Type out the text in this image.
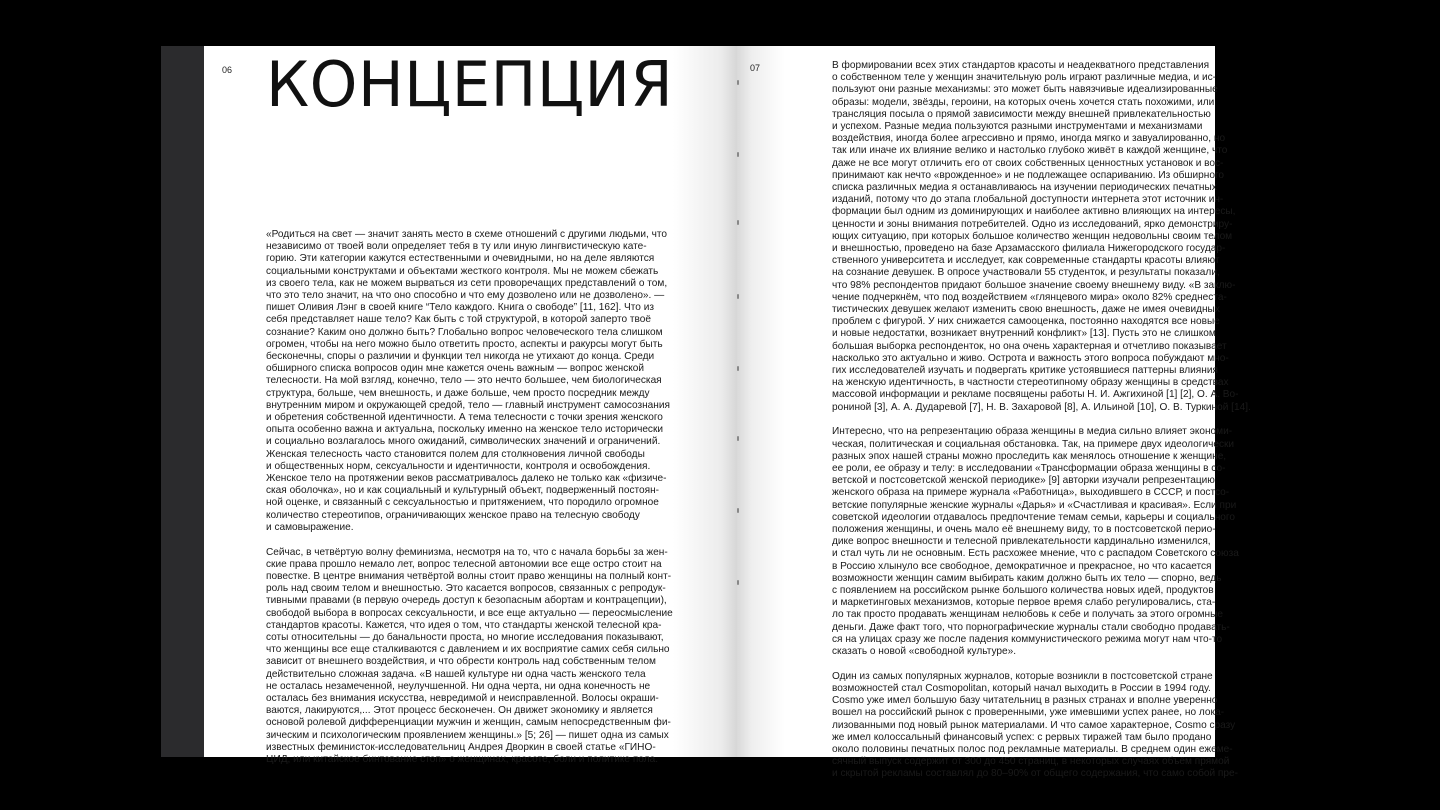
06 КОНЦЕПЦИЯ	07

«Родиться на свет — значит занять место в схеме отношений с другими людьми, что
независимо от твоей воли определяет тебя в ту или иную лингвистическую кате-
горию. Эти категории кажутся естественными и очевидными, но на деле являются
социальными конструктами и объектами жесткого контроля. Мы не можем сбежать
из своего тела, как не можем вырваться из сети проворечащих представлений о том,
что это тело значит, на что оно способно и что ему дозволено или не дозволено». —
пишет Оливия Лэнг в своей книге “Тело каждого. Книга о свободе” [11, 162]. Что из
себя представляет наше тело? Как быть с той структурой, в которой заперто твоё
сознание? Каким оно должно быть? Глобально вопрос человеческого тела слишком
огромен, чтобы на него можно было ответить просто, аспекты и ракурсы могут быть
бесконечны, споры о различии и функции тел никогда не утихают до конца. Среди
обширного списка вопросов один мне кажется очень важным — вопрос женской
телесности. На мой взгляд, конечно, тело — это нечто большее, чем биологическая
структура, больше, чем внешность, и даже больше, чем просто посредник между
внутренним миром и окружающей средой, тело — главный инструмент самосознания
и обретения собственной идентичности. А тема телесности с точки зрения женского
опыта особенно важна и актуальна, поскольку именно на женское тело исторически
и социально возлагалось много ожиданий, символических значений и ограничений.
Женская телесность часто становится полем для столкновения личной свободы
и общественных норм, сексуальности и идентичности, контроля и освобождения.
Женское тело на протяжении веков рассматривалось далеко не только как «физиче-
ская оболочка», но и как социальный и культурный объект, подверженный постоян-
ной оценке, и связанный с сексуальностью и притяжением, что породило огромное
количество стереотипов, ограничивающих женское право на телесную свободу
и самовыражение.

Сейчас, в четвёртую волну феминизма, несмотря на то, что с начала борьбы за жен-
ские права прошло немало лет, вопрос телесной автономии все еще остро стоит на
повестке. В центре внимания четвёртой волны стоит право женщины на полный конт-
роль над своим телом и внешностью. Это касается вопросов, связанных с репродук-
тивными правами (в первую очередь доступ к безопасным абортам и контрацепции),
свободой выбора в вопросах сексуальности, и все еще актуально — переосмысление
стандартов красоты. Кажется, что идея о том, что стандарты женской телесной кра-
соты относительны — до банальности проста, но многие исследования показывают,
что женщины все еще сталкиваются с давлением и их восприятие самих себя сильно
зависит от внешнего воздействия, и что обрести контроль над собственным телом
действительно сложная задача. «В нашей культуре ни одна часть женского тела
не осталась незамеченной, неулучшенной. Ни одна черта, ни одна конечность не
осталась без внимания искусства, невредимой и неисправленной. Волосы окраши-
ваются, лакируются,... Этот процесс бесконечен. Он движет экономику и является
основой ролевой дифференциации мужчин и женщин, самым непосредственным фи-
зическим и психологическим проявлением женщины.» [5; 26] — пишет одна из самых
известных феминисток-исследовательниц Андрея Дворкин в своей статье «ГИНО-
ЦИД, или китайское бинтование стоп» о женщинах, красоте, боли и политике пола.

В формировании всех этих стандартов красоты и неадекватного представления
о собственном теле у женщин значительную роль играют различные медиа, и ис-
пользуют они разные механизмы: это может быть навязчивые идеализированные
образы: модели, звёзды, героини, на которых очень хочется стать похожими, или
трансляция посыла о прямой зависимости между внешней привлекательностью
и успехом. Разные медиа пользуются разными инструментами и механизмами
воздействия, иногда более агрессивно и прямо, иногда мягко и завуалированно, но
так или иначе их влияние велико и настолько глубоко живёт в каждой женщине, что
даже не все могут отличить его от своих собственных ценностных установок и вос-
принимают как нечто «врожденное» и не подлежащее оспариванию. Из обширного
списка различных медиа я останавливаюсь на изучении периодических печатных
изданий, потому что до этапа глобальной доступности интернета этот источник ин-
формации был одним из доминирующих и наиболее активно влияющих на интересы,
ценности и зоны внимания потребителей. Одно из исследований, ярко демонстриру-
ющих ситуацию, при которых большое количество женщин недовольны своим телом
и внешностью, проведено на базе Арзамасского филиала Нижегородского государ-
ственного университета и исследует, как современные стандарты красоты влияют
на сознание девушек. В опросе участвовали 55 студенток, и результаты показали,
что 98% респондентов придают большое значение своему внешнему виду. «В заклю-
чение подчеркнём, что под воздействием «глянцевого мира» около 82% среднеста-
тистических девушек желают изменить свою внешность, даже не имея очевидных
проблем с фигурой. У них снижается самооценка, постоянно находятся все новые
и новые недостатки, возникает внутренний конфликт» [13]. Пусть это не слишком
большая выборка респонденток, но она очень характерная и отчетливо показывает
насколько это актуально и живо. Острота и важность этого вопроса побуждают мно-
гих исследователей изучать и подвергать критике устоявшиеся паттерны влияния
на женскую идентичность, в частности стереотипному образу женщины в средствах
массовой информации и рекламе посвящены работы Н. И. Ажгихиной [1] [2], О. А. Во-
рониной [3], А. А. Дударевой [7], Н. В. Захаровой [8], А. Ильиной [10], О. В. Туркиной [14].

Интересно, что на репрезентацию образа женщины в медиа сильно влияет экономи-
ческая, политическая и социальная обстановка. Так, на примере двух идеологически
разных эпох нашей страны можно проследить как менялось отношение к женщине,
ее роли, ее образу и телу: в исследовании «Трансформации образа женщины в со-
ветской и постсоветской женской периодике» [9] авторки изучали репрезентацию
женского образа на примере журнала «Работница», выходившего в СССР, и постсо-
ветские популярные женские журналы «Дарья» и «Счастливая и красивая». Если при
советской идеологии отдавалось предпочтение темам семьи, карьеры и социального
положения женщины, и очень мало её внешнему виду, то в постсоветской перио-
дике вопрос внешности и телесной привлекательности кардинально изменился,
и стал чуть ли не основным. Есть расхожее мнение, что с распадом Советского союза
в Россию хлынуло все свободное, демократичное и прекрасное, но что касается
возможности женщин самим выбирать каким должно быть их тело — спорно, ведь
с появлением на российском рынке большого количества новых идей, продуктов
и маркетинговых механизмов, которые первое время слабо регулировались, ста-
ло так просто продавать женщинам нелюбовь к себе и получать за этого огромные
деньги. Даже факт того, что порнографические журналы стали свободно продавать-
ся на улицах сразу же после падения коммунистического режима могут нам что-то
сказать о новой «свободной культуре».

Один из самых популярных журналов, которые возникли в постсоветской стране
возможностей стал Cosmopolitan, который начал выходить в России в 1994 году.
Cosmo уже имел большую базу читательниц в разных странах и вполне уверенно
вошел на российский рынок с проверенными, уже имевшими успех ранее, но лока-
лизованными под новый рынок материалами. И что самое характерное, Cosmo сразу
же имел колоссальный финансовый успех: с рервых тиражей там было продано
около половины печатных полос под рекламные материалы. В среднем один ежеме-
сячный выпуск содержит от 300 до 450 страниц, в некоторых случаях объём прямой
и скрытой рекламы составлял до 80–90% от общего содержания, что само собой пре-
